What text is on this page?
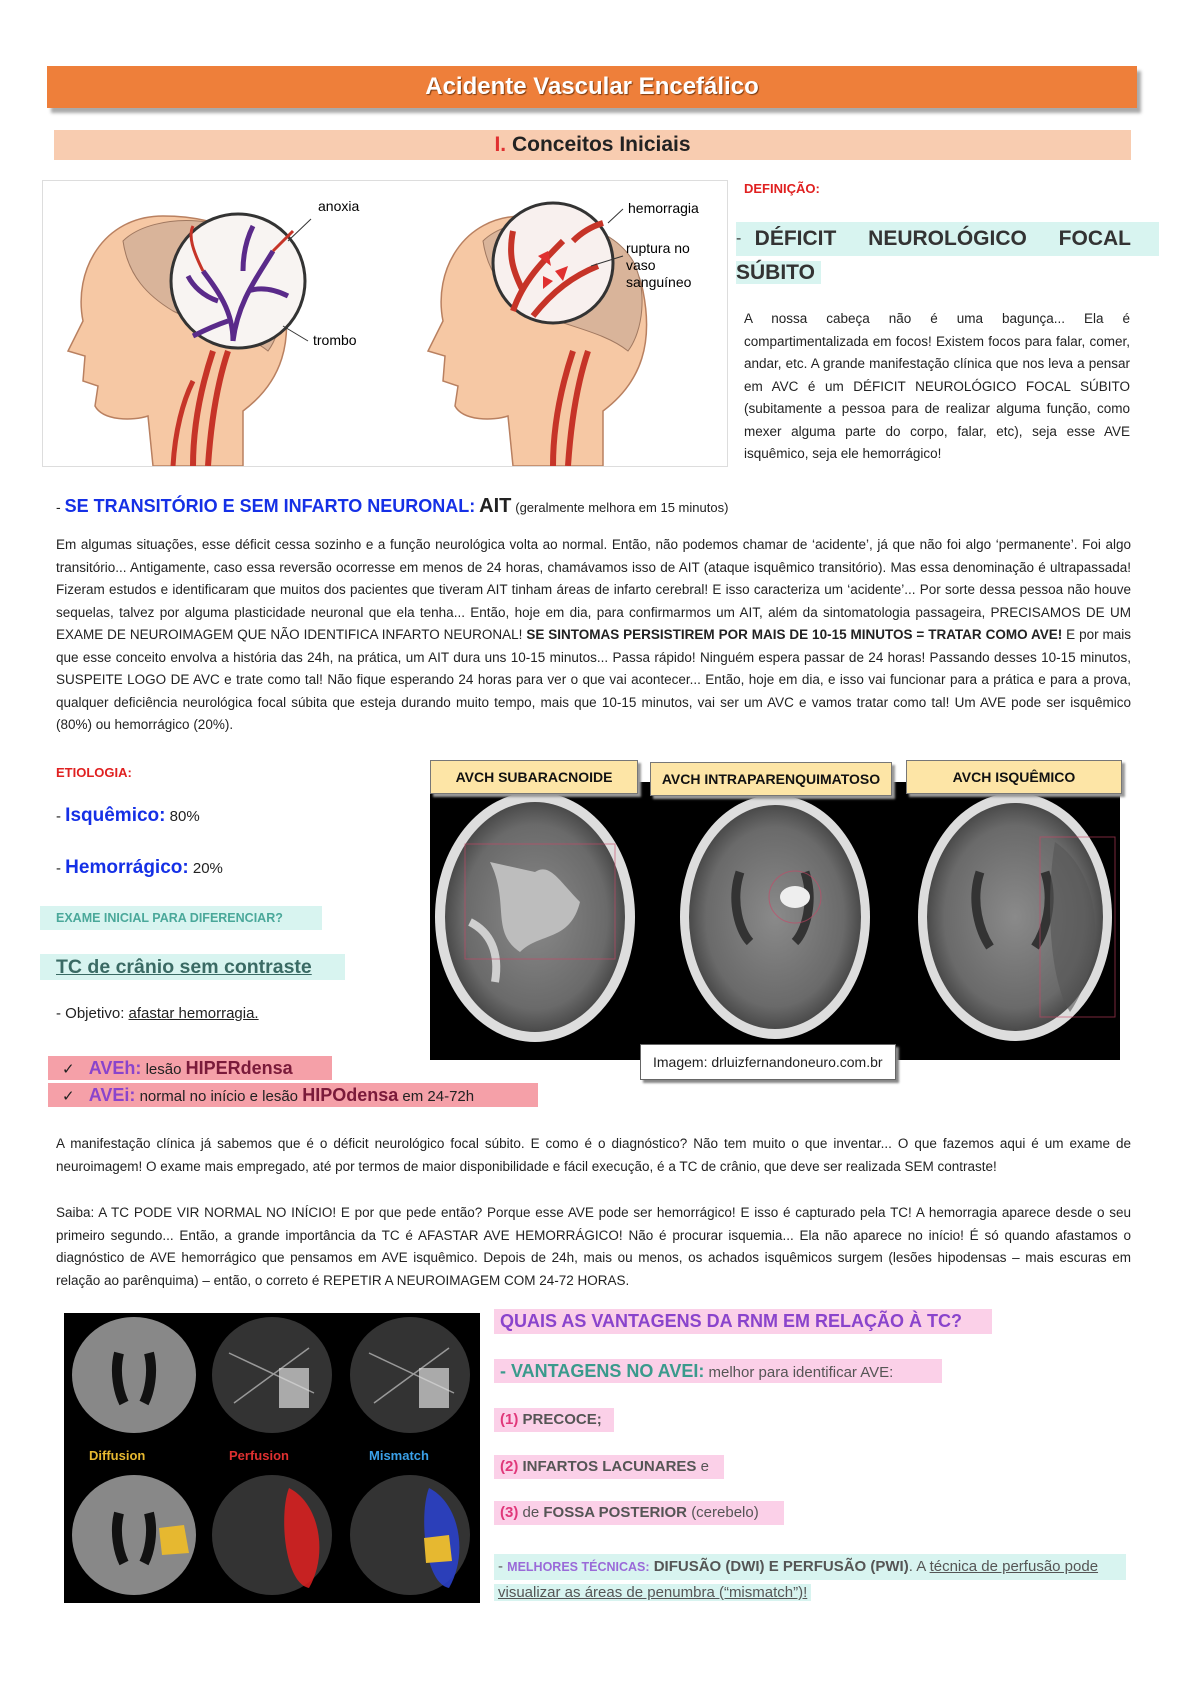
Acidente Vascular Encefálico
I. Conceitos Iniciais
anoxia
trombo
hemorragia
ruptura no
vaso
sanguíneo
DEFINIÇÃO:
- DÉFICIT NEUROLÓGICO FOCAL
SÚBITO
A nossa cabeça não é uma bagunça... Ela é compartimentalizada em focos! Existem focos para falar, comer, andar, etc. A grande manifestação clínica que nos leva a pensar em AVC é um DÉFICIT NEUROLÓGICO FOCAL SÚBITO (subitamente a pessoa para de realizar alguma função, como mexer alguma parte do corpo, falar, etc), seja esse AVE isquêmico, seja ele hemorrágico!
- SE TRANSITÓRIO E SEM INFARTO NEURONAL: AIT (geralmente melhora em 15 minutos)
Em algumas situações, esse déficit cessa sozinho e a função neurológica volta ao normal. Então, não podemos chamar de ‘acidente’, já que não foi algo ‘permanente’. Foi algo transitório... Antigamente, caso essa reversão ocorresse em menos de 24 horas, chamávamos isso de AIT (ataque isquêmico transitório). Mas essa denominação é ultrapassada! Fizeram estudos e identificaram que muitos dos pacientes que tiveram AIT tinham áreas de infarto cerebral! E isso caracteriza um ‘acidente’... Por sorte dessa pessoa não houve sequelas, talvez por alguma plasticidade neuronal que ela tenha... Então, hoje em dia, para confirmarmos um AIT, além da sintomatologia passageira, PRECISAMOS DE UM EXAME DE NEUROIMAGEM QUE NÃO IDENTIFICA INFARTO NEURONAL! SE SINTOMAS PERSISTIREM POR MAIS DE 10-15 MINUTOS = TRATAR COMO AVE! E por mais que esse conceito envolva a história das 24h, na prática, um AIT dura uns 10-15 minutos... Passa rápido! Ninguém espera passar de 24 horas! Passando desses 10-15 minutos, SUSPEITE LOGO DE AVC e trate como tal! Não fique esperando 24 horas para ver o que vai acontecer... Então, hoje em dia, e isso vai funcionar para a prática e para a prova, qualquer deficiência neurológica focal súbita que esteja durando muito tempo, mais que 10-15 minutos, vai ser um AVC e vamos tratar como tal! Um AVE pode ser isquêmico (80%) ou hemorrágico (20%).
ETIOLOGIA:
- Isquêmico: 80%
- Hemorrágico: 20%
EXAME INICIAL PARA DIFERENCIAR?
TC de crânio sem contraste
- Objetivo: afastar hemorragia.
✓ AVEh: lesão HIPERdensa
✓ AVEi: normal no início e lesão HIPOdensa em 24-72h
AVCH SUBARACNOIDE	AVCH INTRAPARENQUIMATOSO	AVCH ISQUÊMICO
Imagem: drluizfernandoneuro.com.br
A manifestação clínica já sabemos que é o déficit neurológico focal súbito. E como é o diagnóstico? Não tem muito o que inventar... O que fazemos aqui é um exame de neuroimagem! O exame mais empregado, até por termos de maior disponibilidade e fácil execução, é a TC de crânio, que deve ser realizada SEM contraste!
Saiba: A TC PODE VIR NORMAL NO INÍCIO! E por que pede então? Porque esse AVE pode ser hemorrágico! E isso é capturado pela TC! A hemorragia aparece desde o seu primeiro segundo... Então, a grande importância da TC é AFASTAR AVE HEMORRÁGICO! Não é procurar isquemia... Ela não aparece no início! É só quando afastamos o diagnóstico de AVE hemorrágico que pensamos em AVE isquêmico. Depois de 24h, mais ou menos, os achados isquêmicos surgem (lesões hipodensas – mais escuras em relação ao parênquima) – então, o correto é REPETIR A NEUROIMAGEM COM 24-72 HORAS.
Diffusion	Perfusion	Mismatch
QUAIS AS VANTAGENS DA RNM EM RELAÇÃO À TC?
- VANTAGENS NO AVEI: melhor para identificar AVE:
(1) PRECOCE;
(2) INFARTOS LACUNARES e
(3) de FOSSA POSTERIOR (cerebelo)
- MELHORES TÉCNICAS: DIFUSÃO (DWI) E PERFUSÃO (PWI). A técnica de perfusão pode
visualizar as áreas de penumbra (“mismatch”)!
